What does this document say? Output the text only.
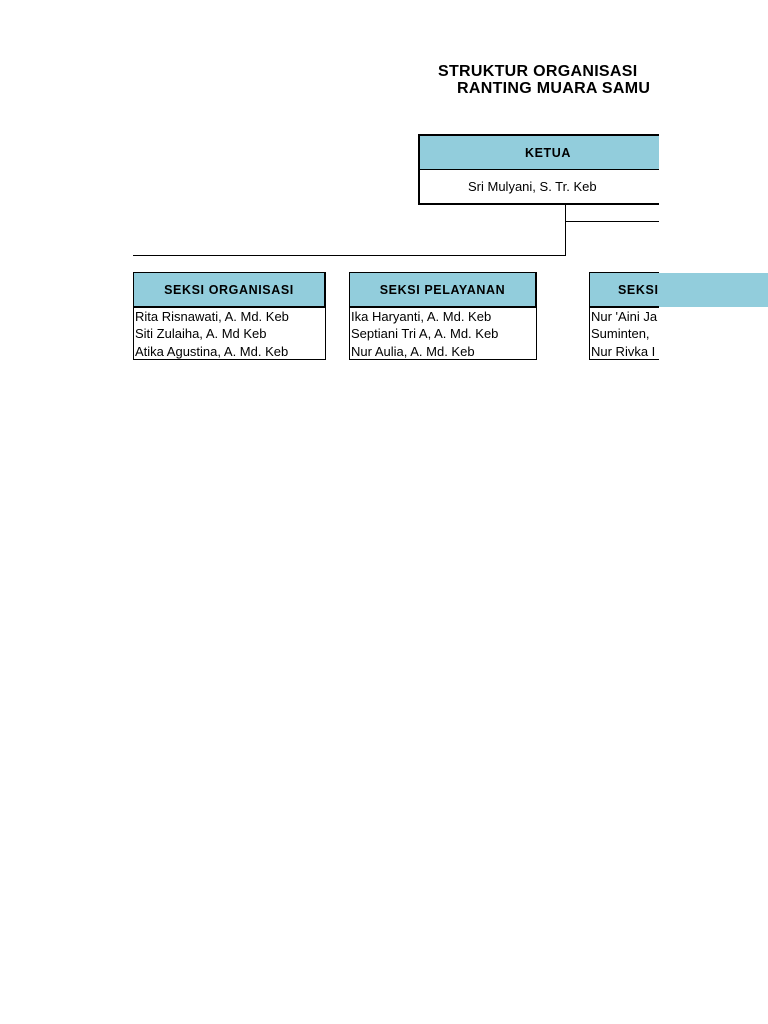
STRUKTUR ORGANISASI
RANTING MUARA SAMU
KETUA
Sri Mulyani, S. Tr. Keb
SEKSI ORGANISASI
Rita Risnawati, A. Md. Keb
Siti Zulaiha, A. Md Keb
Atika Agustina, A. Md. Keb
SEKSI PELAYANAN
Ika Haryanti, A. Md. Keb
Septiani Tri A, A. Md. Keb
Nur Aulia, A. Md. Keb
SEKSI
Nur 'Aini Ja
Suminten,
Nur Rivka I
